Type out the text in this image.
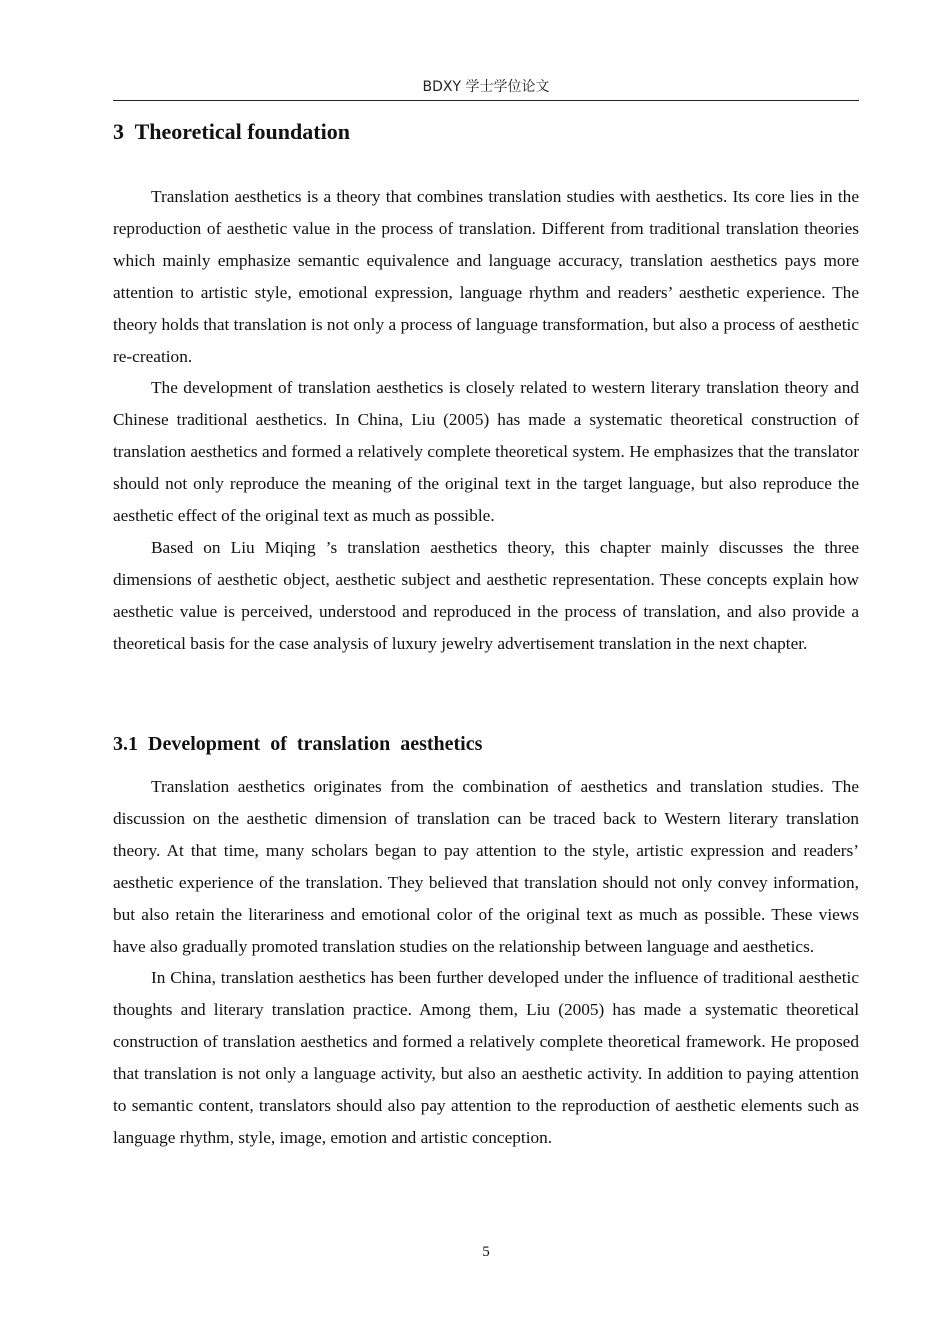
BDXY 学士学位论文
3  Theoretical foundation

Translation aesthetics is a theory that combines translation studies with aesthetics. Its core lies in the reproduction of aesthetic value in the process of translation. Different from traditional translation theories which mainly emphasize semantic equivalence and language accuracy, translation aesthetics pays more attention to artistic style, emotional expression, language rhythm and readers’ aesthetic experience. The theory holds that translation is not only a process of language transformation, but also a process of aesthetic re-creation.

The development of translation aesthetics is closely related to western literary translation theory and Chinese traditional aesthetics. In China, Liu (2005) has made a systematic theoretical construction of translation aesthetics and formed a relatively complete theoretical system. He emphasizes that the translator should not only reproduce the meaning of the original text in the target language, but also reproduce the aesthetic effect of the original text as much as possible.

Based on Liu Miqing ’s translation aesthetics theory, this chapter mainly discusses the three dimensions of aesthetic object, aesthetic subject and aesthetic representation. These concepts explain how aesthetic value is perceived, understood and reproduced in the process of translation, and also provide a theoretical basis for the case analysis of luxury jewelry advertisement translation in the next chapter.

3.1  Development  of  translation  aesthetics

Translation aesthetics originates from the combination of aesthetics and translation studies. The discussion on the aesthetic dimension of translation can be traced back to Western literary translation theory. At that time, many scholars began to pay attention to the style, artistic expression and readers’ aesthetic experience of the translation. They believed that translation should not only convey information, but also retain the literariness and emotional color of the original text as much as possible. These views have also gradually promoted translation studies on the relationship between language and aesthetics.

In China, translation aesthetics has been further developed under the influence of traditional aesthetic thoughts and literary translation practice. Among them, Liu (2005) has made a systematic theoretical construction of translation aesthetics and formed a relatively complete theoretical framework. He proposed that translation is not only a language activity, but also an aesthetic activity. In addition to paying attention to semantic content, translators should also pay attention to the reproduction of aesthetic elements such as language rhythm, style, image, emotion and artistic conception.

5
